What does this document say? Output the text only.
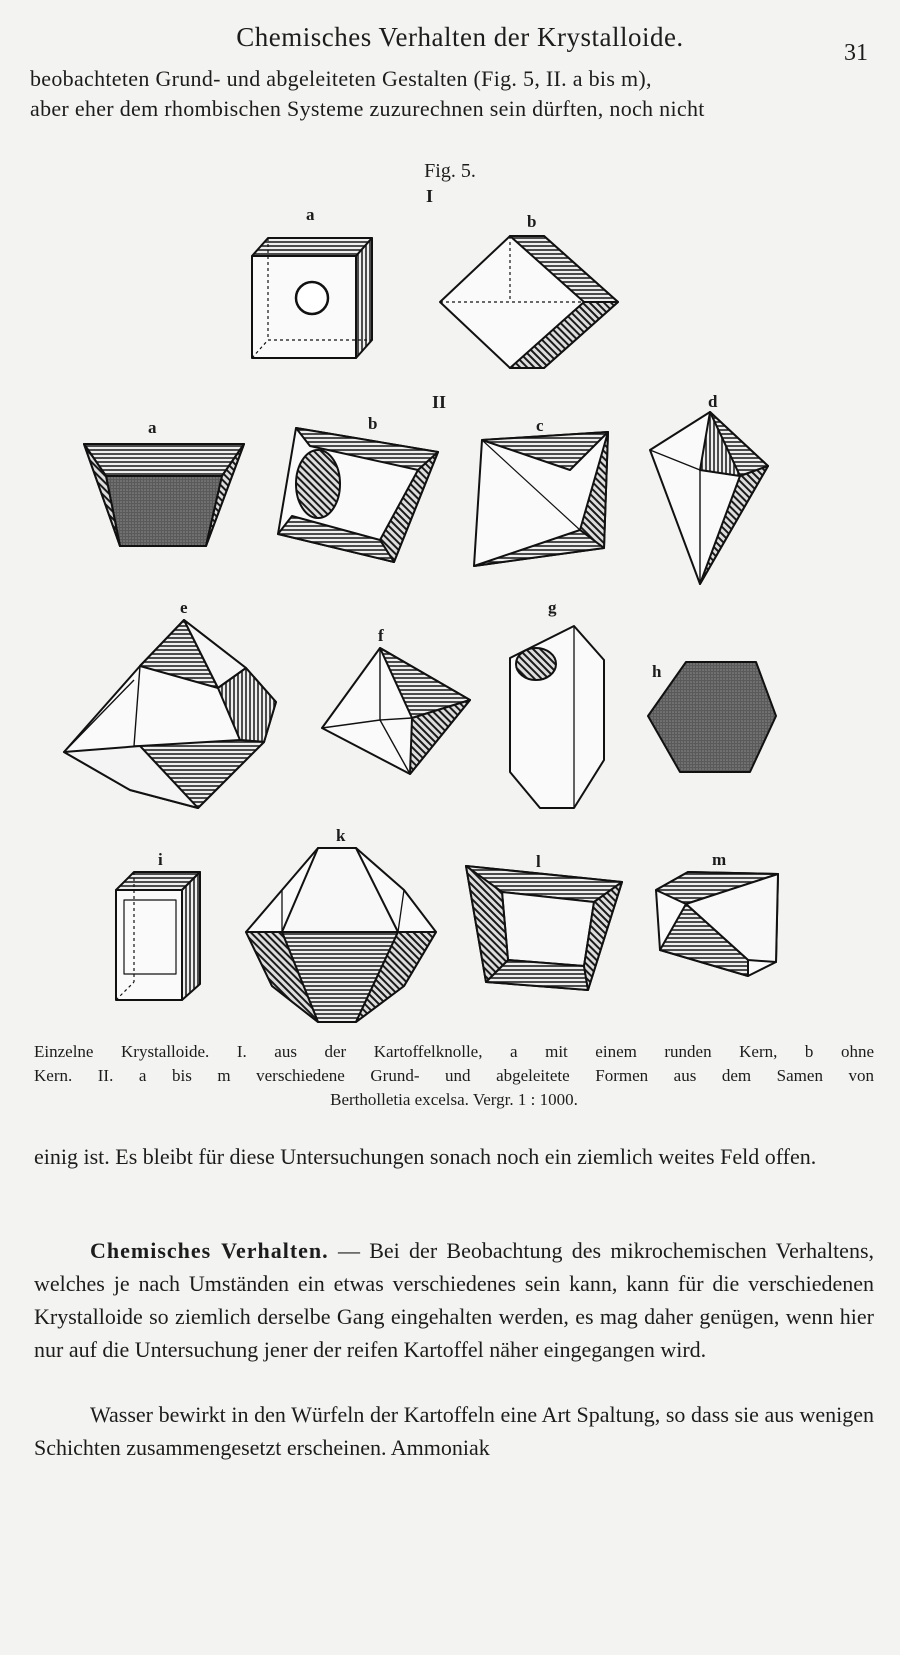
Chemisches Verhalten der Krystalloide.
31
beobachteten Grund- und abgeleiteten Gestalten (Fig. 5, II. a bis m),
aber eher dem rhombischen Systeme zuzurechnen sein dürften, noch nicht
Fig. 5.
I
II
a	b
a	b	c
d
e
f
g
h
i
k
l	m
Einzelne Krystalloide. I. aus der Kartoffelknolle, a mit einem runden Kern, b ohne
Kern. II. a bis m verschiedene Grund- und abgeleitete Formen aus dem Samen von
Bertholletia excelsa. Vergr. 1 : 1000.
einig ist. Es bleibt für diese Untersuchungen sonach noch ein ziemlich weites Feld offen.
Chemisches Verhalten. — Bei der Beobachtung des mikrochemischen Verhaltens, welches je nach Umständen ein etwas verschiedenes sein kann, kann für die verschiedenen Krystalloide so ziemlich derselbe Gang eingehalten werden, es mag daher genügen, wenn hier nur auf die Untersuchung jener der reifen Kartoffel näher eingegangen wird.
Wasser bewirkt in den Würfeln der Kartoffeln eine Art Spaltung, so dass sie aus wenigen Schichten zusammengesetzt erscheinen. Ammoniak
